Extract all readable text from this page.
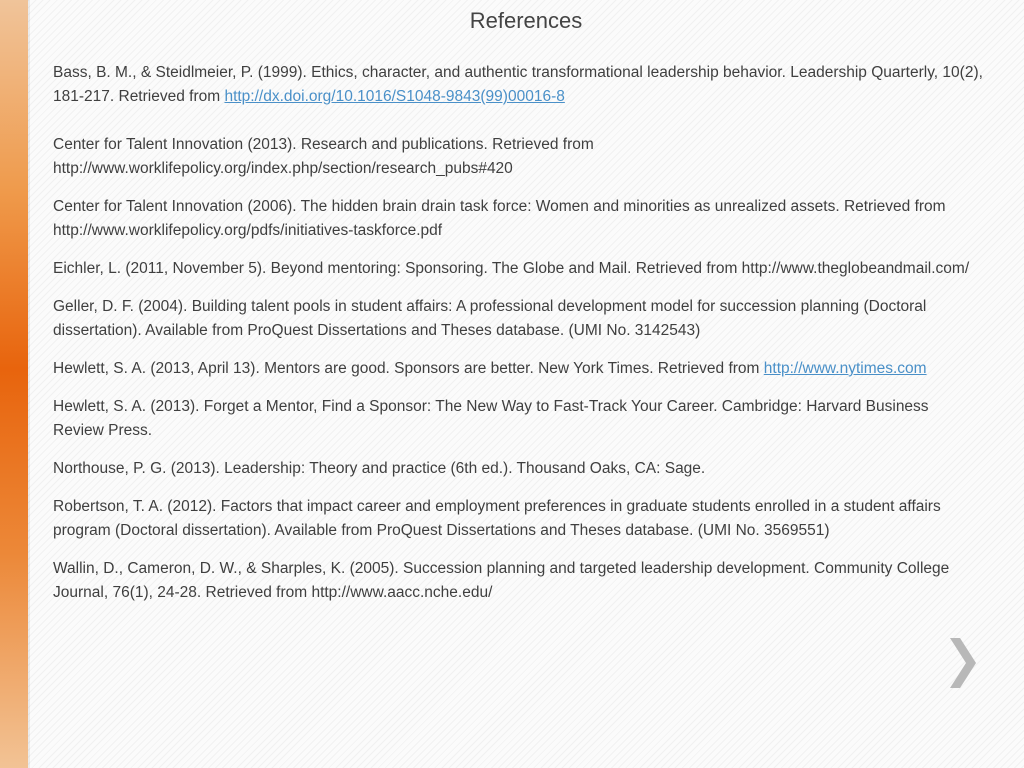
References
Bass, B. M., & Steidlmeier, P. (1999). Ethics, character, and authentic transformational leadership behavior. Leadership Quarterly, 10(2), 181-217. Retrieved from http://dx.doi.org/10.1016/S1048-9843(99)00016-8
Center for Talent Innovation (2013). Research and publications. Retrieved from http://www.worklifepolicy.org/index.php/section/research_pubs#420
Center for Talent Innovation (2006). The hidden brain drain task force: Women and minorities as unrealized assets. Retrieved from http://www.worklifepolicy.org/pdfs/initiatives-taskforce.pdf
Eichler, L. (2011, November 5). Beyond mentoring: Sponsoring. The Globe and Mail. Retrieved from http://www.theglobeandmail.com/
Geller, D. F. (2004). Building talent pools in student affairs: A professional development model for succession planning (Doctoral dissertation). Available from ProQuest Dissertations and Theses database. (UMI No. 3142543)
Hewlett, S. A. (2013, April 13). Mentors are good. Sponsors are better. New York Times. Retrieved from http://www.nytimes.com
Hewlett, S. A. (2013). Forget a Mentor, Find a Sponsor: The New Way to Fast-Track Your Career. Cambridge: Harvard Business Review Press.
Northouse, P. G. (2013). Leadership: Theory and practice (6th ed.). Thousand Oaks, CA: Sage.
Robertson, T. A. (2012). Factors that impact career and employment preferences in graduate students enrolled in a student affairs program (Doctoral dissertation). Available from ProQuest Dissertations and Theses database. (UMI No. 3569551)
Wallin, D., Cameron, D. W., & Sharples, K. (2005). Succession planning and targeted leadership development. Community College Journal, 76(1), 24-28. Retrieved from http://www.aacc.nche.edu/
